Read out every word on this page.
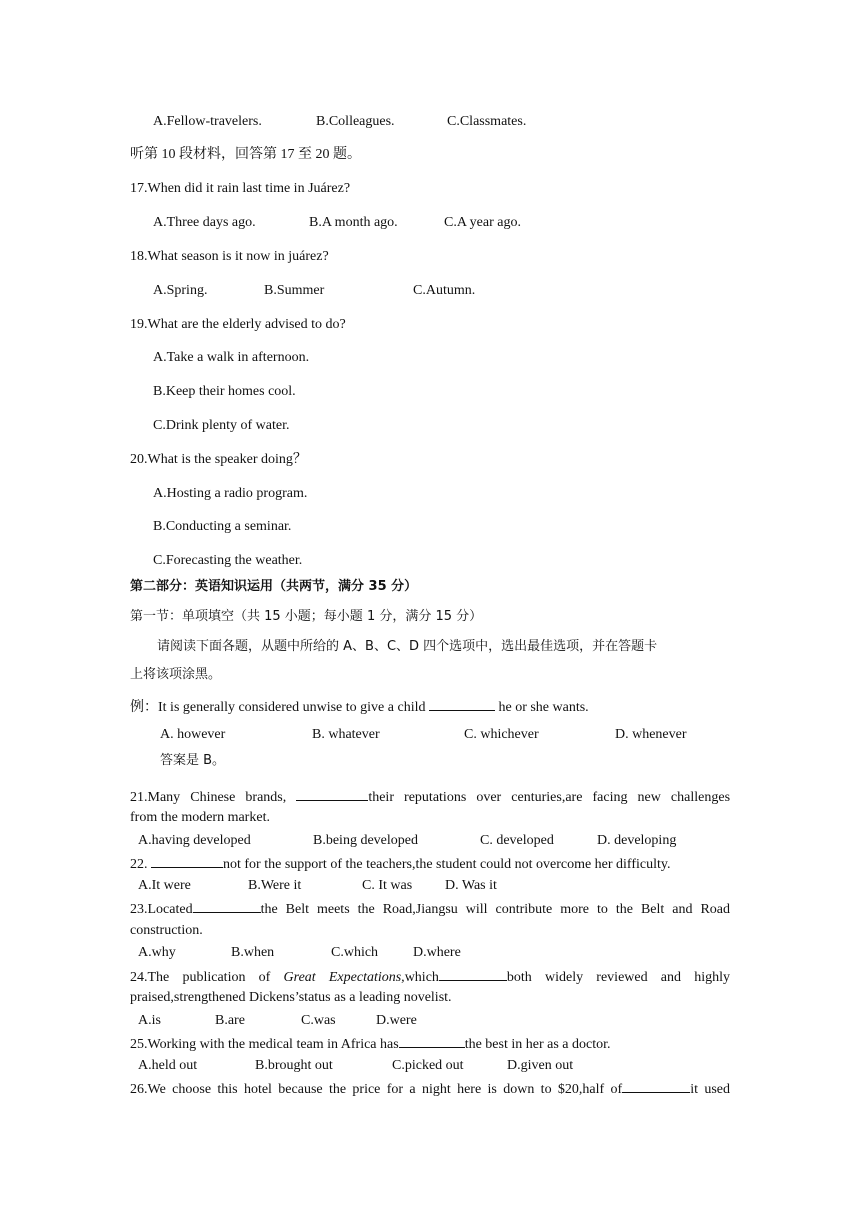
A.Fellow-travelers.	B.Colleagues.	C.Classmates.
听第 10 段材料，回答第 17 至 20 题。
17.When did it rain last time in Juárez?
A.Three days ago.	B.A month ago.	C.A year ago.
18.What season is it now in juárez?
A.Spring.	B.Summer	C.Autumn.
19.What are the elderly advised to do?
A.Take a walk in afternoon.
B.Keep their homes cool.
C.Drink plenty of water.
20.What is the speaker doing？
A.Hosting a radio program.
B.Conducting a seminar.
C.Forecasting the weather.
第二部分：英语知识运用（共两节，满分 35 分）
第一节：单项填空（共 15 小题；每小题 1 分，满分 15 分）
请阅读下面各题，从题中所给的 A、B、C、D 四个选项中，选出最佳选项，并在答题卡
上将该项涂黑。
例：It is generally considered unwise to give a child	he or she wants.
A. however	B. whatever	C. whichever	D. whenever
答案是 B。
21.Many Chinese brands,	their reputations over centuries,are facing new challenges
from the modern market.
A.having developed	B.being developed	C. developed	D. developing
22.	not for the support of the teachers,the student could not overcome her difficulty.
A.It were	B.Were it	C. It was D. Was it
23.Located	the Belt meets the Road,Jiangsu will contribute more to the Belt and Road
construction.
A.why	B.when	C.which D.where
24.The publication of Great Expectations,which	both widely reviewed and highly
praised,strengthened Dickens’status as a leading novelist.
A.is	B.are	C.was	D.were
25.Working with the medical team in Africa has	the best in her as a doctor.
A.held out	B.brought out	C.picked out	D.given out
26.We choose this hotel because the price for a night here is down to $20,half of	it used
